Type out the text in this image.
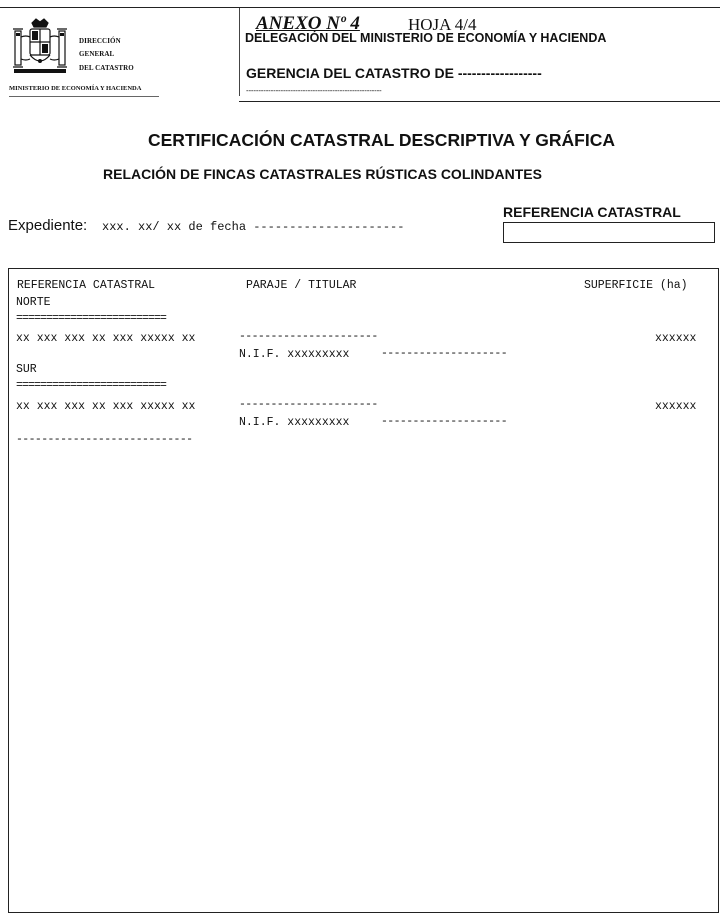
DIRECCIÓN
GENERAL
DEL CATASTRO
MINISTERIO DE ECONOMÍA Y HACIENDA
ANEXO Nº 4	HOJA 4/4
DELEGACIÓN DEL MINISTERIO DE ECONOMÍA Y HACIENDA
GERENCIA DEL CATASTRO DE ------------------
-------------------------------------------------------
CERTIFICACIÓN CATASTRAL DESCRIPTIVA Y GRÁFICA
RELACIÓN DE FINCAS CATASTRALES RÚSTICAS COLINDANTES
REFERENCIA CATASTRAL
Expediente: xxx. xx/ xx de fecha ---------------------
REFERENCIA CATASTRAL	PARAJE / TITULAR	SUPERFICIE (ha)
NORTE
=========================
xx xxx xxx xx xxx xxxxx xx	----------------------	xxxxxx
N.I.F. xxxxxxxxx	--------------------
SUR
=========================
xx xxx xxx xx xxx xxxxx xx	----------------------	xxxxxx
N.I.F. xxxxxxxxx	--------------------
----------------------------
